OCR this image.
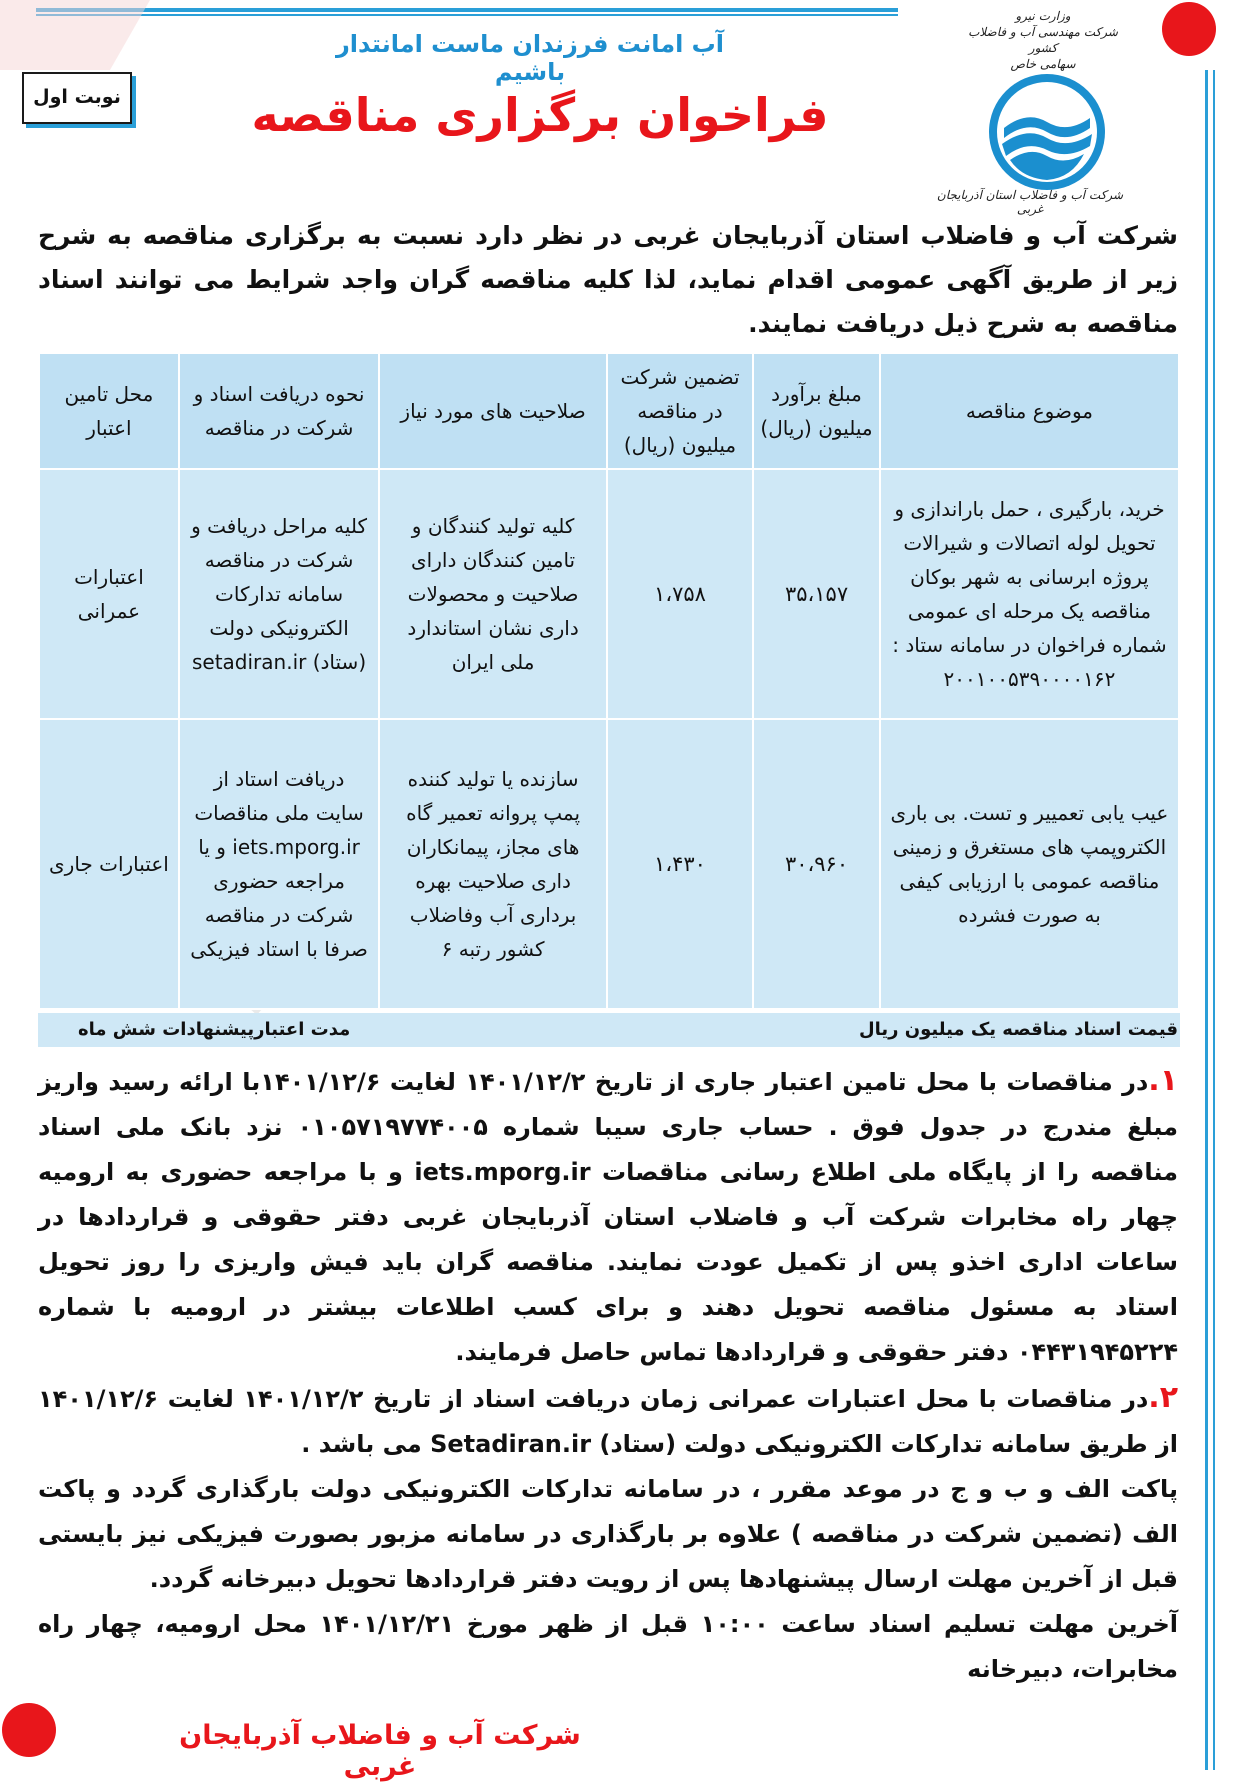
آب امانت فرزندان ماست امانتدار باشیم
نوبت اول	فراخوان برگزاری مناقصه
وزارت نیرو
شرکت مهندسی آب و فاضلاب کشور
سهامی خاص
شرکت آب و فاضلاب استان آذربایجان غربی
شرکت آب و فاضلاب استان آذربایجان غربی در نظر دارد نسبت به برگزاری مناقصه به شرح زیر از طریق آگهی عمومی اقدام نماید، لذا کلیه مناقصه گران واجد شرایط می توانند اسناد مناقصه به شرح ذیل دریافت نمایند.
موضوع مناقصه	مبلغ برآورد میلیون (ریال)	تضمین شرکت در مناقصه میلیون (ریال)	صلاحیت های مورد نیاز	نحوه دریافت اسناد و شرکت در مناقصه	محل تامین اعتبار
خرید، بارگیری ، حمل باراندازی و تحویل لوله اتصالات و شیرالات پروژه ابرسانی به شهر بوکان مناقصه یک مرحله ای عمومی شماره فراخوان در سامانه ستاد : ۲۰۰۱۰۰۵۳۹۰۰۰۰۱۶۲	۳۵،۱۵۷	۱،۷۵۸	کلیه تولید کنندگان و تامین کنندگان دارای صلاحیت و محصولات داری نشان استاندارد ملی ایران	کلیه مراحل دریافت و شرکت در مناقصه سامانه تدارکات الکترونیکی دولت (ستاد) setadiran.ir	اعتبارات عمرانی
عیب یابی تعمییر و تست. بی باری الکتروپمپ های مستغرق و زمینی مناقصه عمومی با ارزیابی کیفی به صورت فشرده	۳۰،۹۶۰	۱،۴۳۰	سازنده یا تولید کننده پمپ پروانه تعمیر گاه های مجاز، پیمانکاران داری صلاحیت بهره برداری آب وفاضلاب کشور رتبه ۶	دریافت استاد از سایت ملی مناقصات iets.mporg.ir و یا مراجعه حضوری شرکت در مناقصه صرفا با استاد فیزیکی	اعتبارات جاری
قیمت اسناد مناقصه یک میلیون ریال
مدت اعتبارپیشنهادات شش ماه

۱.در مناقصات با محل تامین اعتبار جاری از تاریخ ۱۴۰۱/۱۲/۲ لغایت ۱۴۰۱/۱۲/۶با ارائه رسید واریز مبلغ مندرج در جدول فوق . حساب جاری سیبا شماره ۰۱۰۵۷۱۹۷۷۴۰۰۵ نزد بانک ملی اسناد مناقصه را از پایگاه ملی اطلاع رسانی مناقصات iets.mporg.ir و با مراجعه حضوری به ارومیه چهار راه مخابرات شرکت آب و فاضلاب استان آذربایجان غربی دفتر حقوقی و قراردادها در ساعات اداری اخذو پس از تکمیل عودت نمایند. مناقصه گران باید فیش واریزی را روز تحویل استاد به مسئول مناقصه تحویل دهند و برای کسب اطلاعات بیشتر در ارومیه با شماره ۰۴۴۳۱۹۴۵۲۲۴ دفتر حقوقی و قراردادها تماس حاصل فرمایند.

۲.در مناقصات با محل اعتبارات عمرانی زمان دریافت اسناد از تاریخ ۱۴۰۱/۱۲/۲ لغایت ۱۴۰۱/۱۲/۶ از طریق سامانه تدارکات الکترونیکی دولت (ستاد) Setadiran.ir می باشد .

پاکت الف و ب و ج در موعد مقرر ، در سامانه تدارکات الکترونیکی دولت بارگذاری گردد و پاکت الف (تضمین شرکت در مناقصه ) علاوه بر بارگذاری در سامانه مزبور بصورت فیزیکی نیز بایستی قبل از آخرین مهلت ارسال پیشنهادها پس از رویت دفتر قراردادها تحویل دبیرخانه گردد.

آخرین مهلت تسلیم اسناد ساعت ۱۰:۰۰ قبل از ظهر مورخ ۱۴۰۱/۱۲/۲۱ محل ارومیه، چهار راه مخابرات، دبیرخانه

شرکت آب و فاضلاب آذربایجان غربی
